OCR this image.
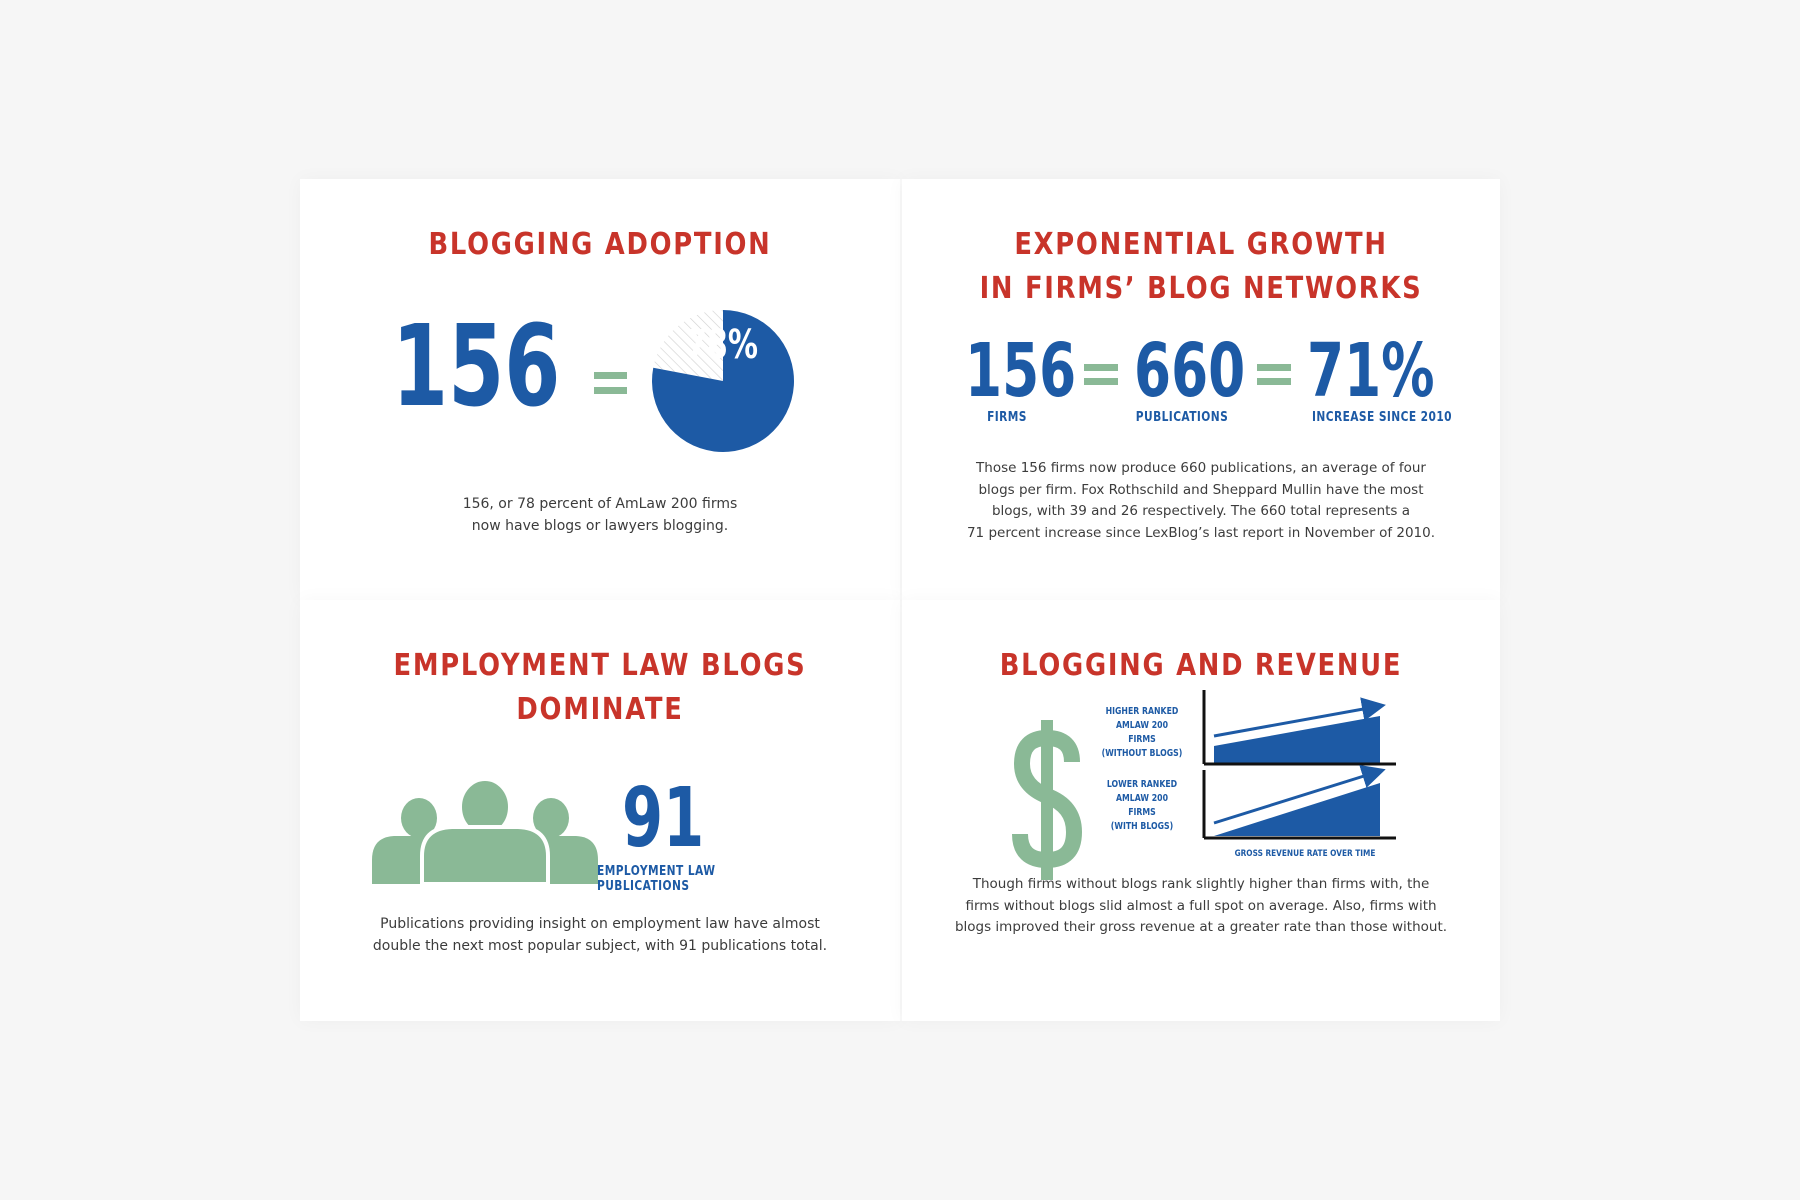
BLOGGING ADOPTION
156	78%
156, or 78 percent of AmLaw 200 firms
now have blogs or lawyers blogging.
EXPONENTIAL GROWTH
IN FIRMS’ BLOG NETWORKS
156
FIRMS
660
PUBLICATIONS
71%
INCREASE SINCE 2010
Those 156 firms now produce 660 publications, an average of four
blogs per firm. Fox Rothschild and Sheppard Mullin have the most
blogs, with 39 and 26 respectively. The 660 total represents a
71 percent increase since LexBlog’s last report in November of 2010.
EMPLOYMENT LAW BLOGS
DOMINATE
91
EMPLOYMENT LAW PUBLICATIONS
Publications providing insight on employment law have almost
double the next most popular subject, with 91 publications total.
BLOGGING AND REVENUE
HIGHER RANKED
AMLAW 200 FIRMS
(WITHOUT BLOGS)
LOWER RANKED
AMLAW 200 FIRMS
(WITH BLOGS)
GROSS REVENUE RATE OVER TIME
Though firms without blogs rank slightly higher than firms with, the
firms without blogs slid almost a full spot on average. Also, firms with
blogs improved their gross revenue at a greater rate than those without.
